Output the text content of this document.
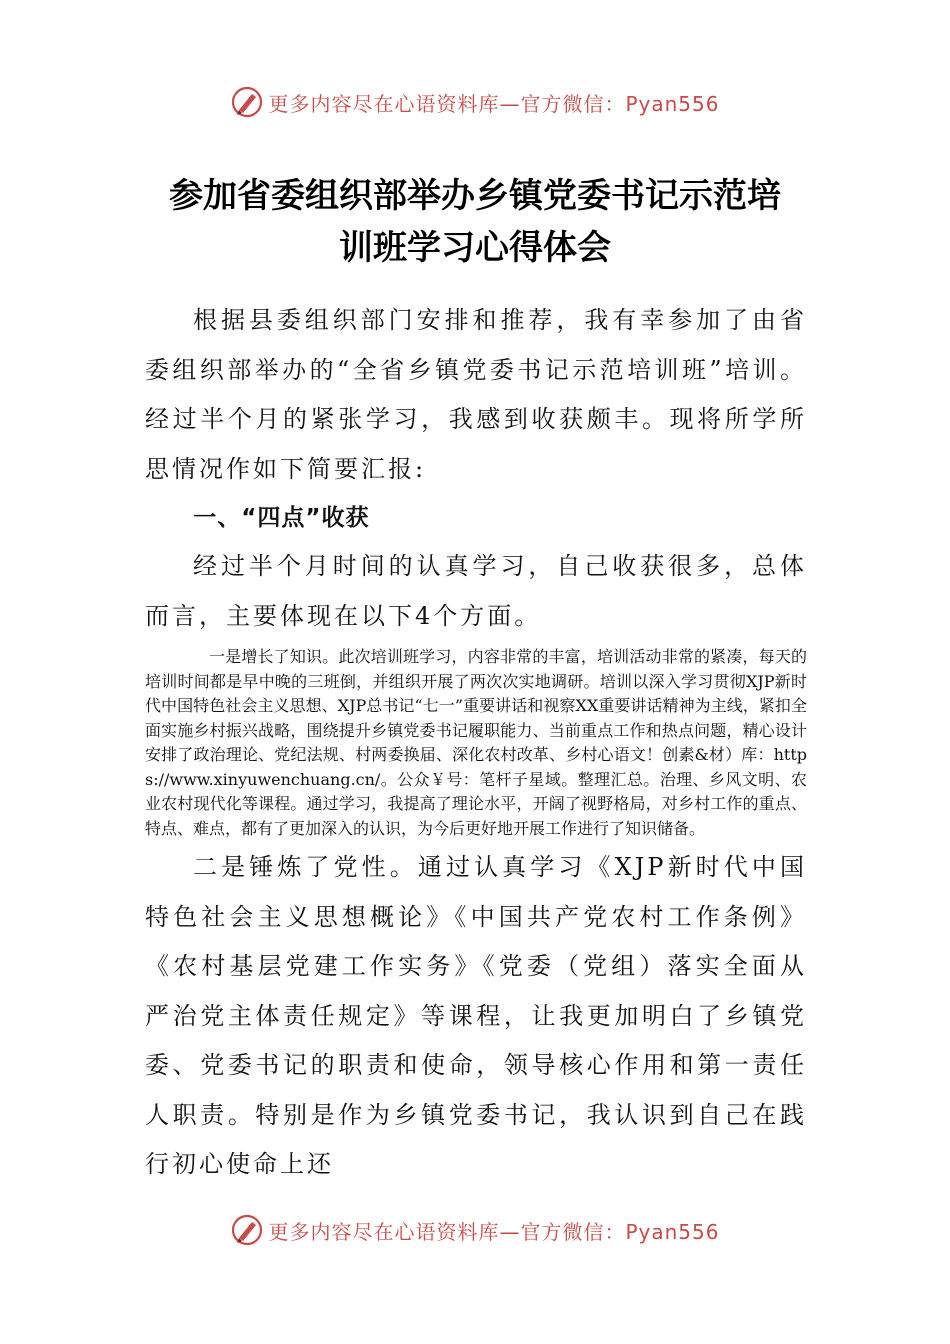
更多内容尽在心语资料库—官方微信：Pyan556
参加省委组织部举办乡镇党委书记示范培
训班学习心得体会

根据县委组织部门安排和推荐，我有幸参加了由省委组织部举办的“全省乡镇党委书记示范培训班”培训。经过半个月的紧张学习，我感到收获颇丰。现将所学所思情况作如下简要汇报:

一、“四点”收获

经过半个月时间的认真学习，自己收获很多，总体而言，主要体现在以下4个方面。

一是增长了知识。此次培训班学习，内容非常的丰富，培训活动非常的紧凑，每天的培训时间都是早中晚的三班倒，并组织开展了两次次实地调研。培训以深入学习贯彻XJP新时代中国特色社会主义思想、XJP总书记“七一”重要讲话和视察XX重要讲话精神为主线，紧扣全面实施乡村振兴战略，围绕提升乡镇党委书记履职能力、当前重点工作和热点问题，精心设计安排了政治理论、党纪法规、村两委换届、深化农村改革、乡村心语文！创素&材）库：https://www.xinyuwenchuang.cn/。公众￥号：笔杆子星域。整理汇总。治理、乡风文明、农业农村现代化等课程。通过学习，我提高了理论水平，开阔了视野格局，对乡村工作的重点、特点、难点，都有了更加深入的认识，为今后更好地开展工作进行了知识储备。

二是锤炼了党性。通过认真学习《XJP新时代中国特色社会主义思想概论》《中国共产党农村工作条例》《农村基层党建工作实务》《党委（党组）落实全面从严治党主体责任规定》等课程，让我更加明白了乡镇党委、党委书记的职责和使命，领导核心作用和第一责任人职责。特别是作为乡镇党委书记，我认识到自己在践行初心使命上还

更多内容尽在心语资料库—官方微信：Pyan556
